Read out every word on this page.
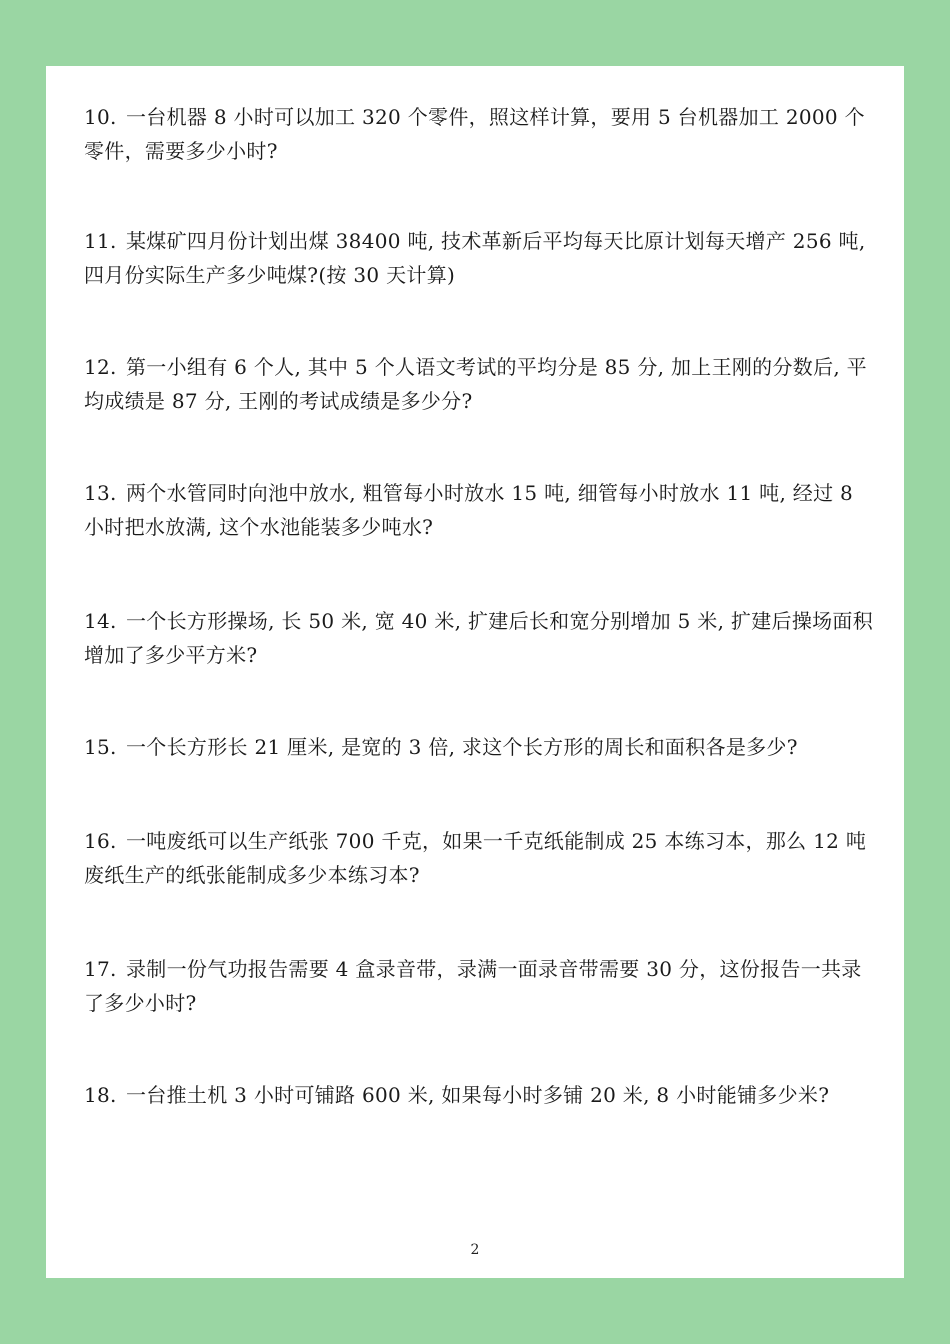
10. 一台机器 8 小时可以加工 320 个零件，照这样计算，要用 5 台机器加工 2000 个零件，需要多少小时?
11. 某煤矿四月份计划出煤 38400 吨, 技术革新后平均每天比原计划每天增产 256 吨, 四月份实际生产多少吨煤?(按 30 天计算)
12. 第一小组有 6 个人, 其中 5 个人语文考试的平均分是 85 分, 加上王刚的分数后, 平均成绩是 87 分, 王刚的考试成绩是多少分?
13. 两个水管同时向池中放水, 粗管每小时放水 15 吨, 细管每小时放水 11 吨, 经过 8 小时把水放满, 这个水池能装多少吨水?
14. 一个长方形操场, 长 50 米, 宽 40 米, 扩建后长和宽分别增加 5 米, 扩建后操场面积增加了多少平方米?
15. 一个长方形长 21 厘米, 是宽的 3 倍, 求这个长方形的周长和面积各是多少?
16. 一吨废纸可以生产纸张 700 千克，如果一千克纸能制成 25 本练习本，那么 12 吨废纸生产的纸张能制成多少本练习本?
17. 录制一份气功报告需要 4 盒录音带，录满一面录音带需要 30 分，这份报告一共录了多少小时?
18. 一台推土机 3 小时可铺路 600 米, 如果每小时多铺 20 米, 8 小时能铺多少米?
2
